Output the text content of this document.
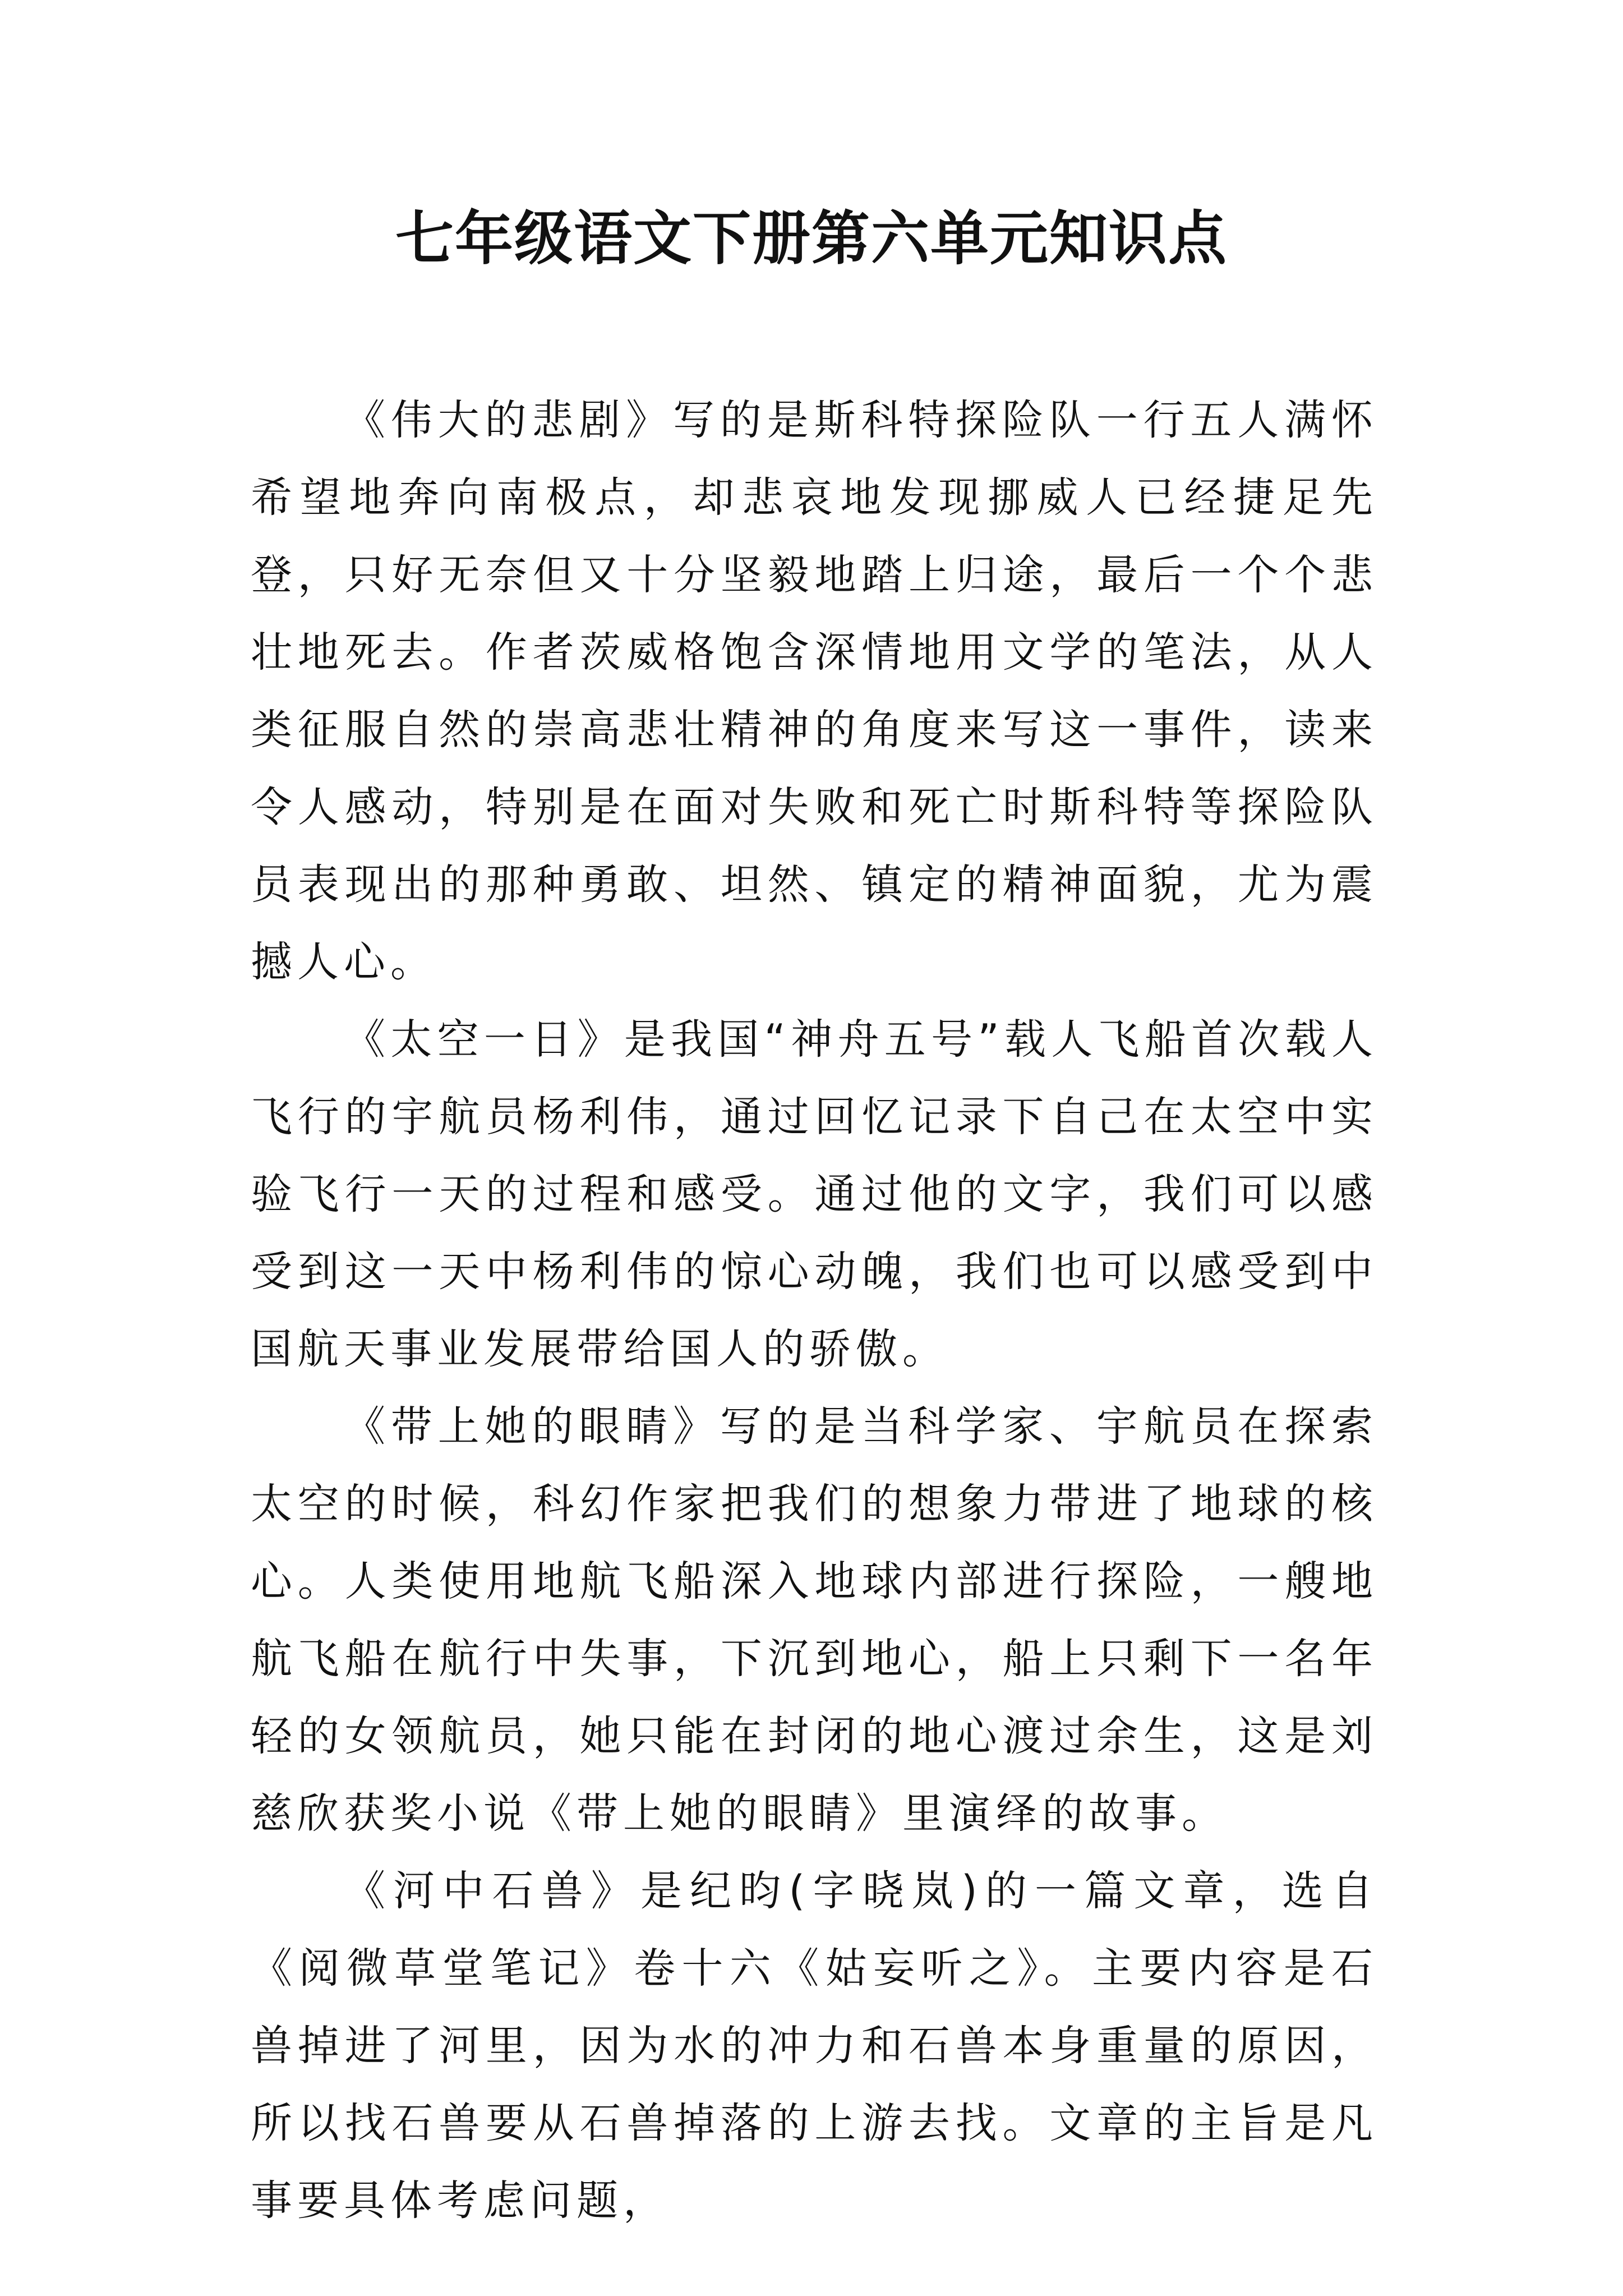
七年级语文下册第六单元知识点

《伟大的悲剧》写的是斯科特探险队一行五人满怀希望地奔向南极点，却悲哀地发现挪威人已经捷足先登，只好无奈但又十分坚毅地踏上归途，最后一个个悲壮地死去。作者茨威格饱含深情地用文学的笔法，从人类征服自然的崇高悲壮精神的角度来写这一事件，读来令人感动，特别是在面对失败和死亡时斯科特等探险队员表现出的那种勇敢、坦然、镇定的精神面貌，尤为震撼人心。

《太空一日》是我国“神舟五号”载人飞船首次载人飞行的宇航员杨利伟，通过回忆记录下自己在太空中实验飞行一天的过程和感受。通过他的文字，我们可以感受到这一天中杨利伟的惊心动魄，我们也可以感受到中国航天事业发展带给国人的骄傲。

《带上她的眼睛》写的是当科学家、宇航员在探索太空的时候，科幻作家把我们的想象力带进了地球的核心。人类使用地航飞船深入地球内部进行探险，一艘地航飞船在航行中失事，下沉到地心，船上只剩下一名年轻的女领航员，她只能在封闭的地心渡过余生，这是刘慈欣获奖小说《带上她的眼睛》里演绎的故事。

《河中石兽》是纪昀(字晓岚)的一篇文章，选自《阅微草堂笔记》卷十六《姑妄听之》。主要内容是石兽掉进了河里，因为水的冲力和石兽本身重量的原因，所以找石兽要从石兽掉落的上游去找。文章的主旨是凡事要具体考虑问题，
